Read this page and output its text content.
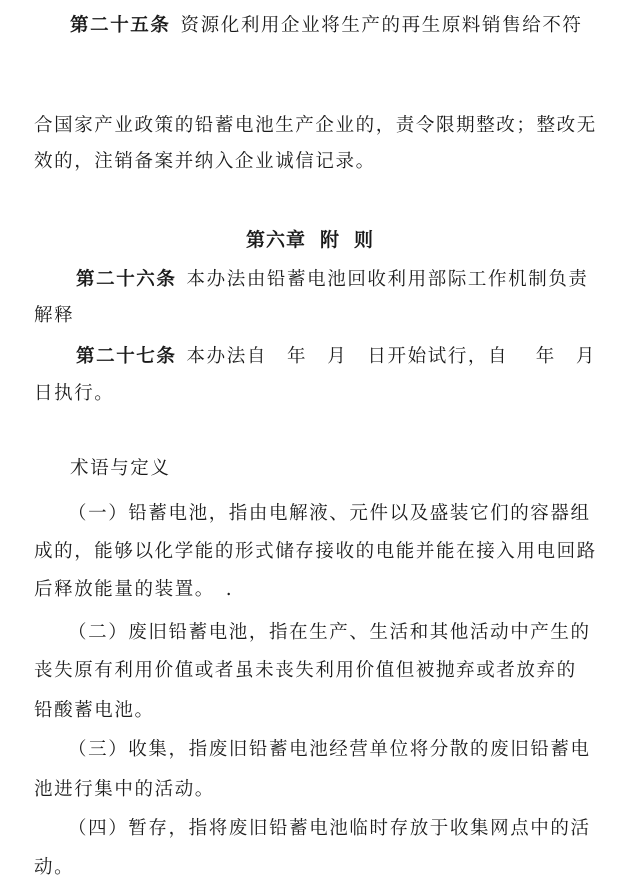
第二十五条 资源化利用企业将生产的再生原料销售给不符
合国家产业政策的铅蓄电池生产企业的，责令限期整改；整改无
效的，注销备案并纳入企业诚信记录。
第六章 附 则
第二十六条 本办法由铅蓄电池回收利用部际工作机制负责
解释
第二十七条 本办法自　年　月　日开始试行，自　 年　月
日执行。
术语与定义
（一）铅蓄电池，指由电解液、元件以及盛装它们的容器组
成的，能够以化学能的形式储存接收的电能并能在接入用电回路
后释放能量的装置。　.
（二）废旧铅蓄电池，指在生产、生活和其他活动中产生的
丧失原有利用价值或者虽未丧失利用价值但被抛弃或者放弃的
铅酸蓄电池。
（三）收集，指废旧铅蓄电池经营单位将分散的废旧铅蓄电
池进行集中的活动。
（四）暂存，指将废旧铅蓄电池临时存放于收集网点中的活
动。
